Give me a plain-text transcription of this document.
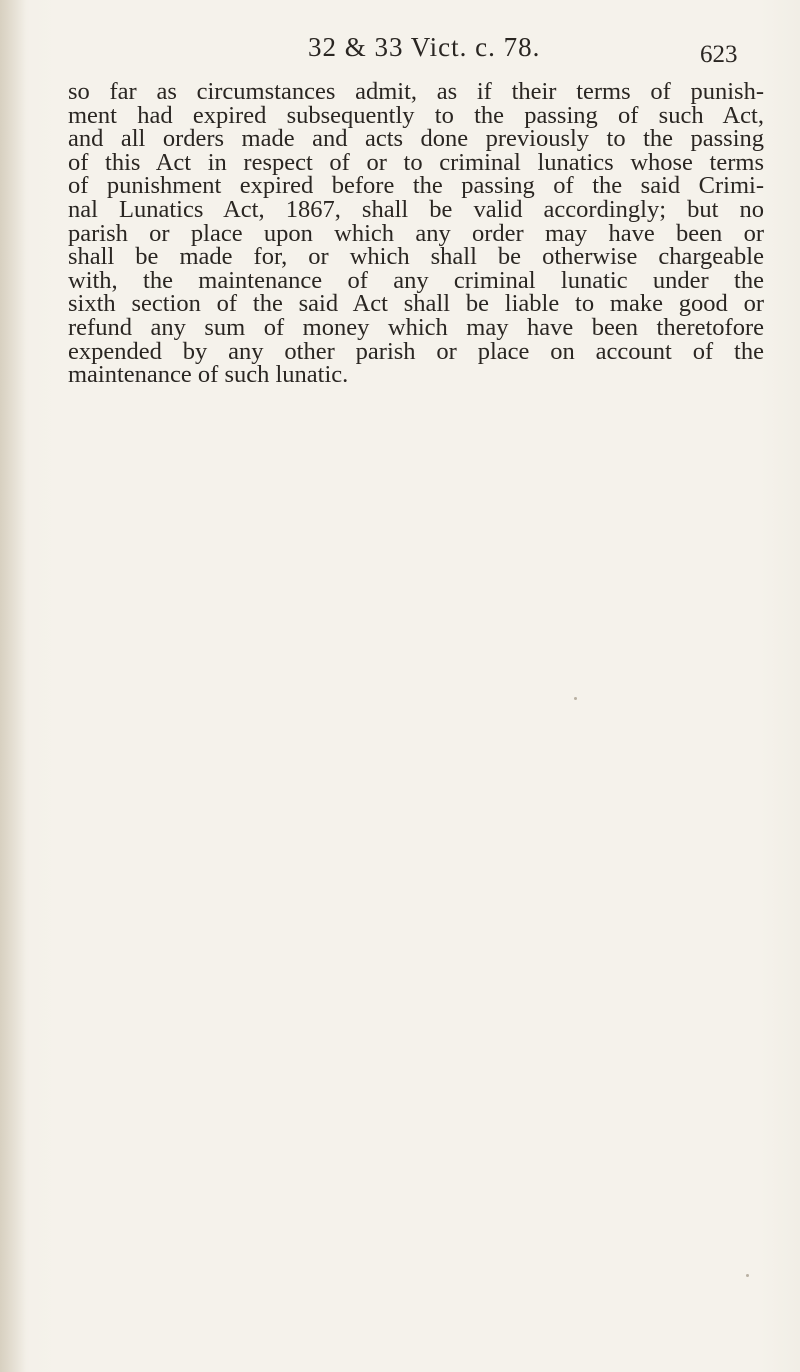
32 & 33 Vict. c. 78.	623
so far as circumstances admit, as if their terms of punish-
ment had expired subsequently to the passing of such Act,
and all orders made and acts done previously to the passing
of this Act in respect of or to criminal lunatics whose terms
of punishment expired before the passing of the said Crimi-
nal Lunatics Act, 1867, shall be valid accordingly; but no
parish or place upon which any order may have been or
shall be made for, or which shall be otherwise chargeable
with, the maintenance of any criminal lunatic under the
sixth section of the said Act shall be liable to make good or
refund any sum of money which may have been theretofore
expended by any other parish or place on account of the
maintenance of such lunatic.
